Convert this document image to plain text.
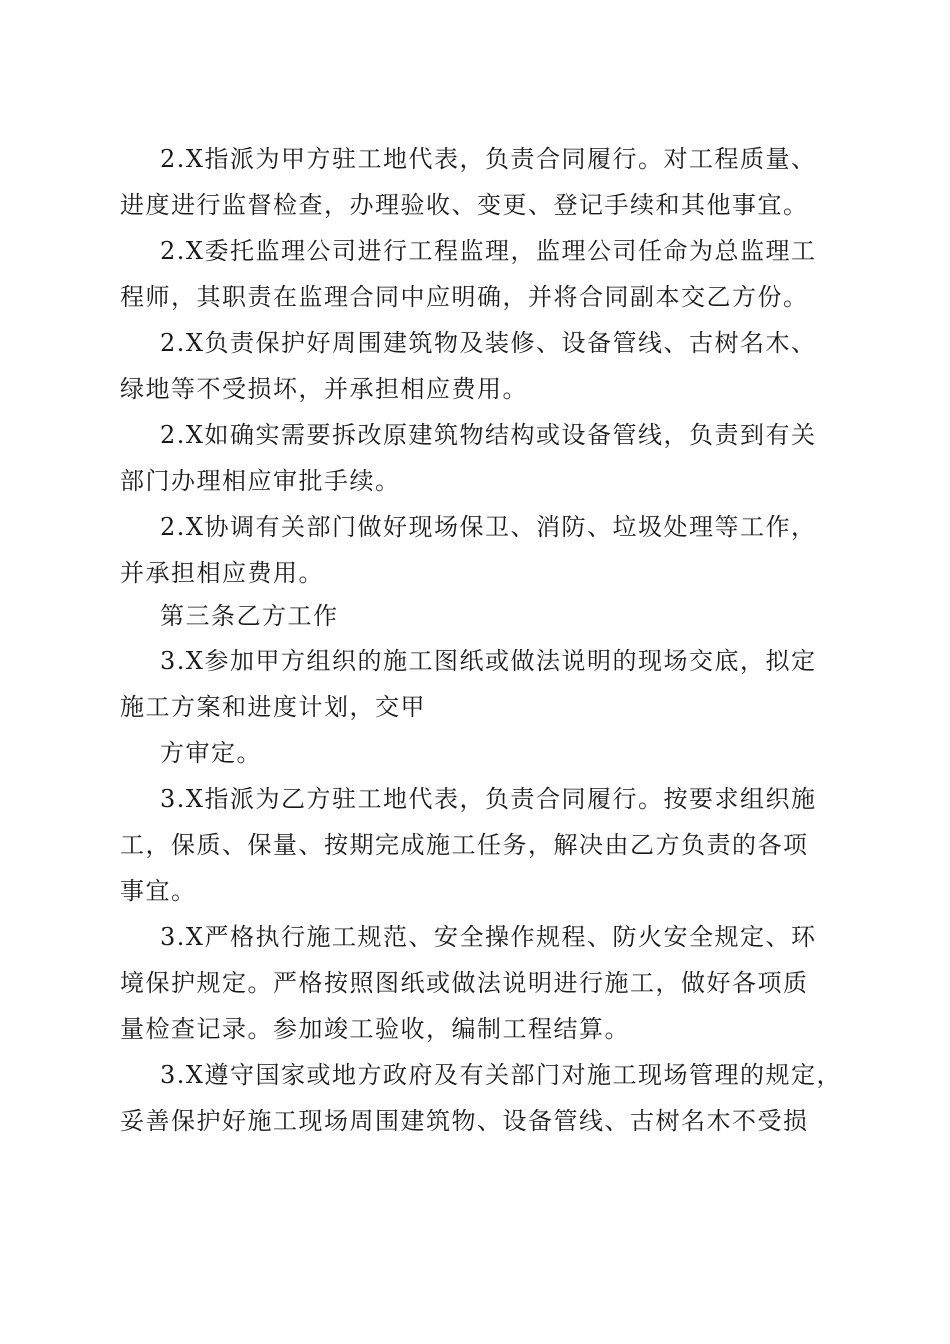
2.X指派为甲方驻工地代表，负责合同履行。对工程质量、
进度进行监督检查，办理验收、变更、登记手续和其他事宜。
2.X委托监理公司进行工程监理，监理公司任命为总监理工
程师，其职责在监理合同中应明确，并将合同副本交乙方份。
2.X负责保护好周围建筑物及装修、设备管线、古树名木、
绿地等不受损坏，并承担相应费用。
2.X如确实需要拆改原建筑物结构或设备管线，负责到有关
部门办理相应审批手续。
2.X协调有关部门做好现场保卫、消防、垃圾处理等工作，
并承担相应费用。
第三条乙方工作
3.X参加甲方组织的施工图纸或做法说明的现场交底，拟定
施工方案和进度计划，交甲
方审定。
3.X指派为乙方驻工地代表，负责合同履行。按要求组织施
工，保质、保量、按期完成施工任务，解决由乙方负责的各项
事宜。
3.X严格执行施工规范、安全操作规程、防火安全规定、环
境保护规定。严格按照图纸或做法说明进行施工，做好各项质
量检查记录。参加竣工验收，编制工程结算。
3.X遵守国家或地方政府及有关部门对施工现场管理的规定，
妥善保护好施工现场周围建筑物、设备管线、古树名木不受损
